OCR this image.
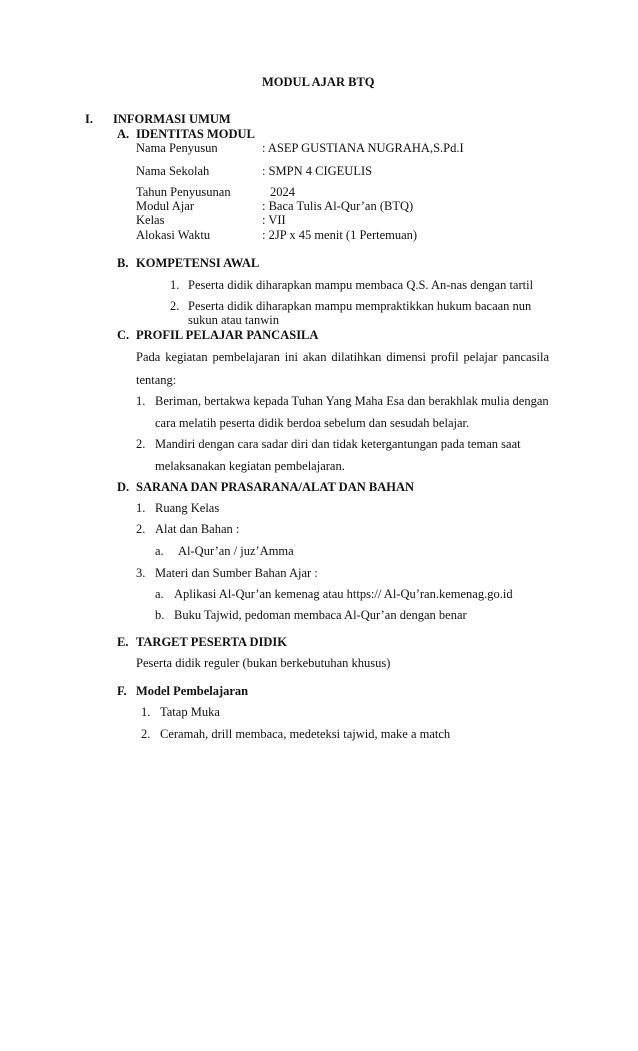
MODUL AJAR BTQ
I. INFORMASI UMUM
A. IDENTITAS MODUL
Nama Penyusun	: ASEP GUSTIANA NUGRAHA,S.Pd.I
Nama Sekolah	: SMPN 4 CIGEULIS
Tahun Penyusunan	2024
Modul Ajar	: Baca Tulis Al-Qur’an (BTQ)
Kelas	: VII
Alokasi Waktu	: 2JP x 45 menit (1 Pertemuan)
B. KOMPETENSI AWAL
1. Peserta didik diharapkan mampu membaca Q.S. An-nas dengan tartil
2. Peserta didik diharapkan mampu mempraktikkan hukum bacaan nun
sukun atau tanwin
C. PROFIL PELAJAR PANCASILA
Pada kegiatan pembelajaran ini akan dilatihkan dimensi profil pelajar pancasila
tentang:
1. Beriman, bertakwa kepada Tuhan Yang Maha Esa dan berakhlak mulia dengan
cara melatih peserta didik berdoa sebelum dan sesudah belajar.
2. Mandiri dengan cara sadar diri dan tidak ketergantungan pada teman saat
melaksanakan kegiatan pembelajaran.
D. SARANA DAN PRASARANA/ALAT DAN BAHAN
1. Ruang Kelas
2. Alat dan Bahan :
a. Al-Qur’an / juz’Amma
3. Materi dan Sumber Bahan Ajar :
a. Aplikasi Al-Qur’an kemenag atau https:// Al-Qu’ran.kemenag.go.id
b. Buku Tajwid, pedoman membaca Al-Qur’an dengan benar
E. TARGET PESERTA DIDIK
Peserta didik reguler (bukan berkebutuhan khusus)
F. Model Pembelajaran
1. Tatap Muka
2. Ceramah, drill membaca, medeteksi tajwid, make a match
